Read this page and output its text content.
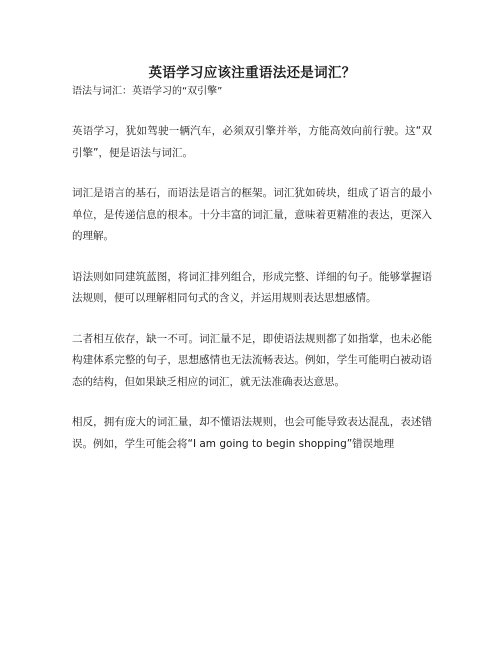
英语学习应该注重语法还是词汇？

语法与词汇：英语学习的“双引擎”

英语学习，犹如驾驶一辆汽车，必须双引擎并举，方能高效向前行驶。这“双引擎”，便是语法与词汇。

词汇是语言的基石，而语法是语言的框架。词汇犹如砖块，组成了语言的最小单位，是传递信息的根本。十分丰富的词汇量，意味着更精准的表达，更深入的理解。

语法则如同建筑蓝图，将词汇排列组合，形成完整、详细的句子。能够掌握语法规则，便可以理解相同句式的含义，并运用规则表达思想感情。

二者相互依存，缺一不可。词汇量不足，即使语法规则都了如指掌，也未必能构建体系完整的句子，思想感情也无法流畅表达。例如，学生可能明白被动语态的结构，但如果缺乏相应的词汇，就无法准确表达意思。

相反，拥有庞大的词汇量，却不懂语法规则，也会可能导致表达混乱，表述错误。例如，学生可能会将“I am going to begin shopping”错误地理
